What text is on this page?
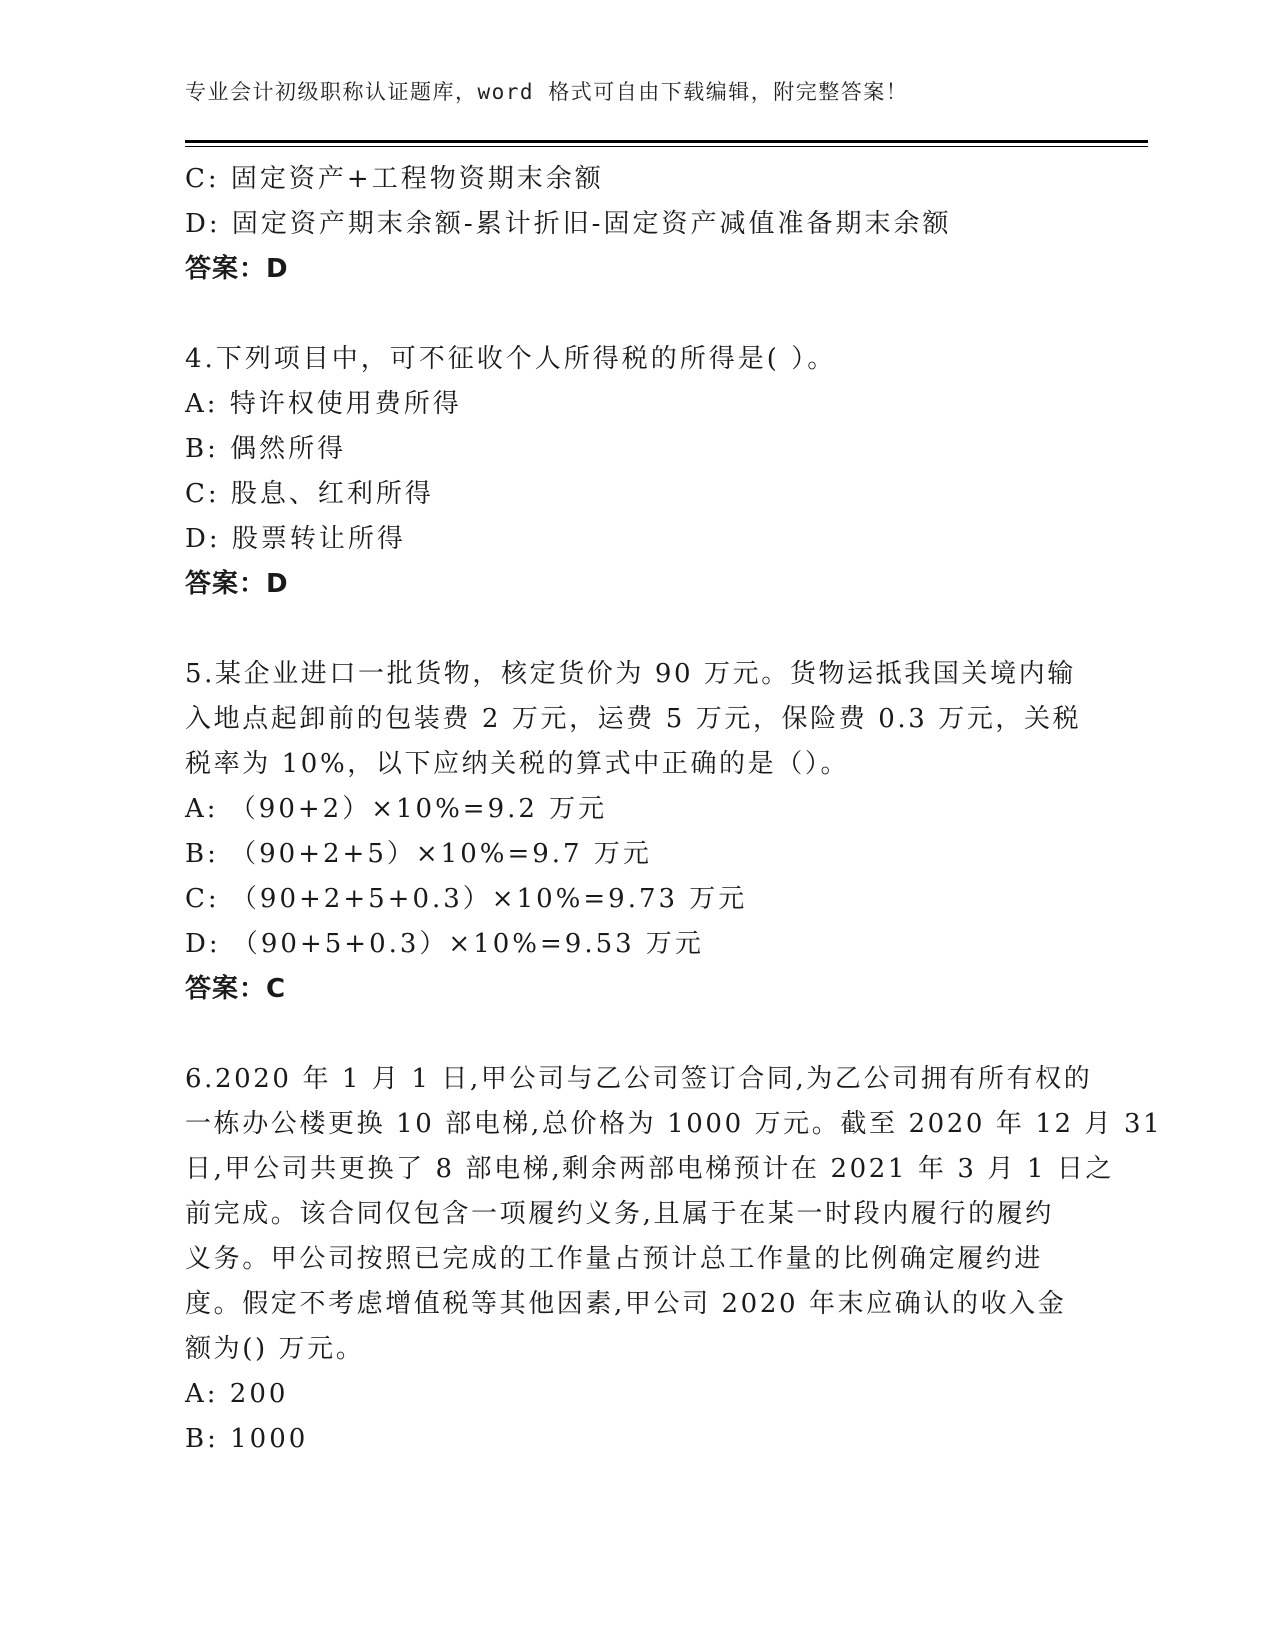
专业会计初级职称认证题库，word 格式可自由下载编辑，附完整答案！
C: 固定资产+工程物资期末余额
D: 固定资产期末余额-累计折旧-固定资产减值准备期末余额
答案：D
4.下列项目中，可不征收个人所得税的所得是( ）。
A: 特许权使用费所得
B: 偶然所得
C: 股息、红利所得
D: 股票转让所得
答案：D
5.某企业进口一批货物，核定货价为 90 万元。货物运抵我国关境内输
入地点起卸前的包装费 2 万元，运费 5 万元，保险费 0.3 万元，关税
税率为 10%，以下应纳关税的算式中正确的是（）。
A: （90+2）×10%=9.2 万元
B: （90+2+5）×10%=9.7 万元
C: （90+2+5+0.3）×10%=9.73 万元
D: （90+5+0.3）×10%=9.53 万元
答案：C
6.2020 年 1 月 1 日,甲公司与乙公司签订合同,为乙公司拥有所有权的
一栋办公楼更换 10 部电梯,总价格为 1000 万元。截至 2020 年 12 月 31
日,甲公司共更换了 8 部电梯,剩余两部电梯预计在 2021 年 3 月 1 日之
前完成。该合同仅包含一项履约义务,且属于在某一时段内履行的履约
义务。甲公司按照已完成的工作量占预计总工作量的比例确定履约进
度。假定不考虑增值税等其他因素,甲公司 2020 年末应确认的收入金
额为() 万元。
A: 200
B: 1000
